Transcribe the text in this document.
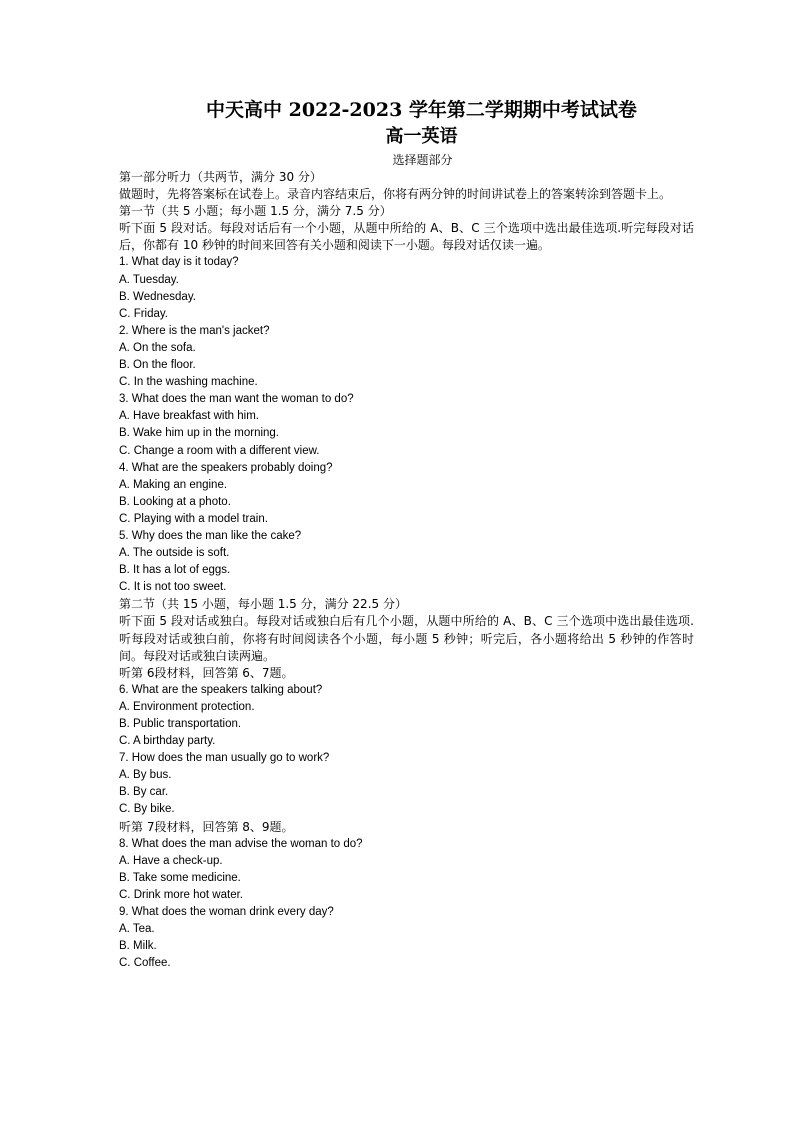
中天高中 2022-2023 学年第二学期期中考试试卷
高一英语
选择题部分
第一部分听力（共两节，满分 30 分）
做题时，先将答案标在试卷上。录音内容结束后，你将有两分钟的时间讲试卷上的答案转涂到答题卡上。
第一节（共 5 小题；每小题 1.5 分，满分 7.5 分）
听下面 5 段对话。每段对话后有一个小题，从题中所给的 A、B、C 三个选项中选出最佳选项.听完每段对话后，你都有 10 秒钟的时间来回答有关小题和阅读下一小题。每段对话仅读一遍。
1. What day is it today?
A. Tuesday.
B. Wednesday.
C. Friday.
2. Where is the man's jacket?
A. On the sofa.
B. On the floor.
C. In the washing machine.
3. What does the man want the woman to do?
A. Have breakfast with him.
B. Wake him up in the morning.
C. Change a room with a different view.
4. What are the speakers probably doing?
A. Making an engine.
B. Looking at a photo.
C. Playing with a model train.
5. Why does the man like the cake?
A. The outside is soft.
B. It has a lot of eggs.
C. It is not too sweet.
第二节（共 15 小题，每小题 1.5 分，满分 22.5 分）
听下面 5 段对话或独白。每段对话或独白后有几个小题，从题中所给的 A、B、C 三个选项中选出最佳选项.听每段对话或独白前，你将有时间阅读各个小题，每小题 5 秒钟；听完后，各小题将给出 5 秒钟的作答时间。每段对话或独白读两遍。
听第 6段材料，回答第 6、7题。
6. What are the speakers talking about?
A. Environment protection.
B. Public transportation.
C. A birthday party.
7. How does the man usually go to work?
A. By bus.
B. By car.
C. By bike.
听第 7段材料，回答第 8、9题。
8. What does the man advise the woman to do?
A. Have a check-up.
B. Take some medicine.
C. Drink more hot water.
9. What does the woman drink every day?
A. Tea.
B. Milk.
C. Coffee.
